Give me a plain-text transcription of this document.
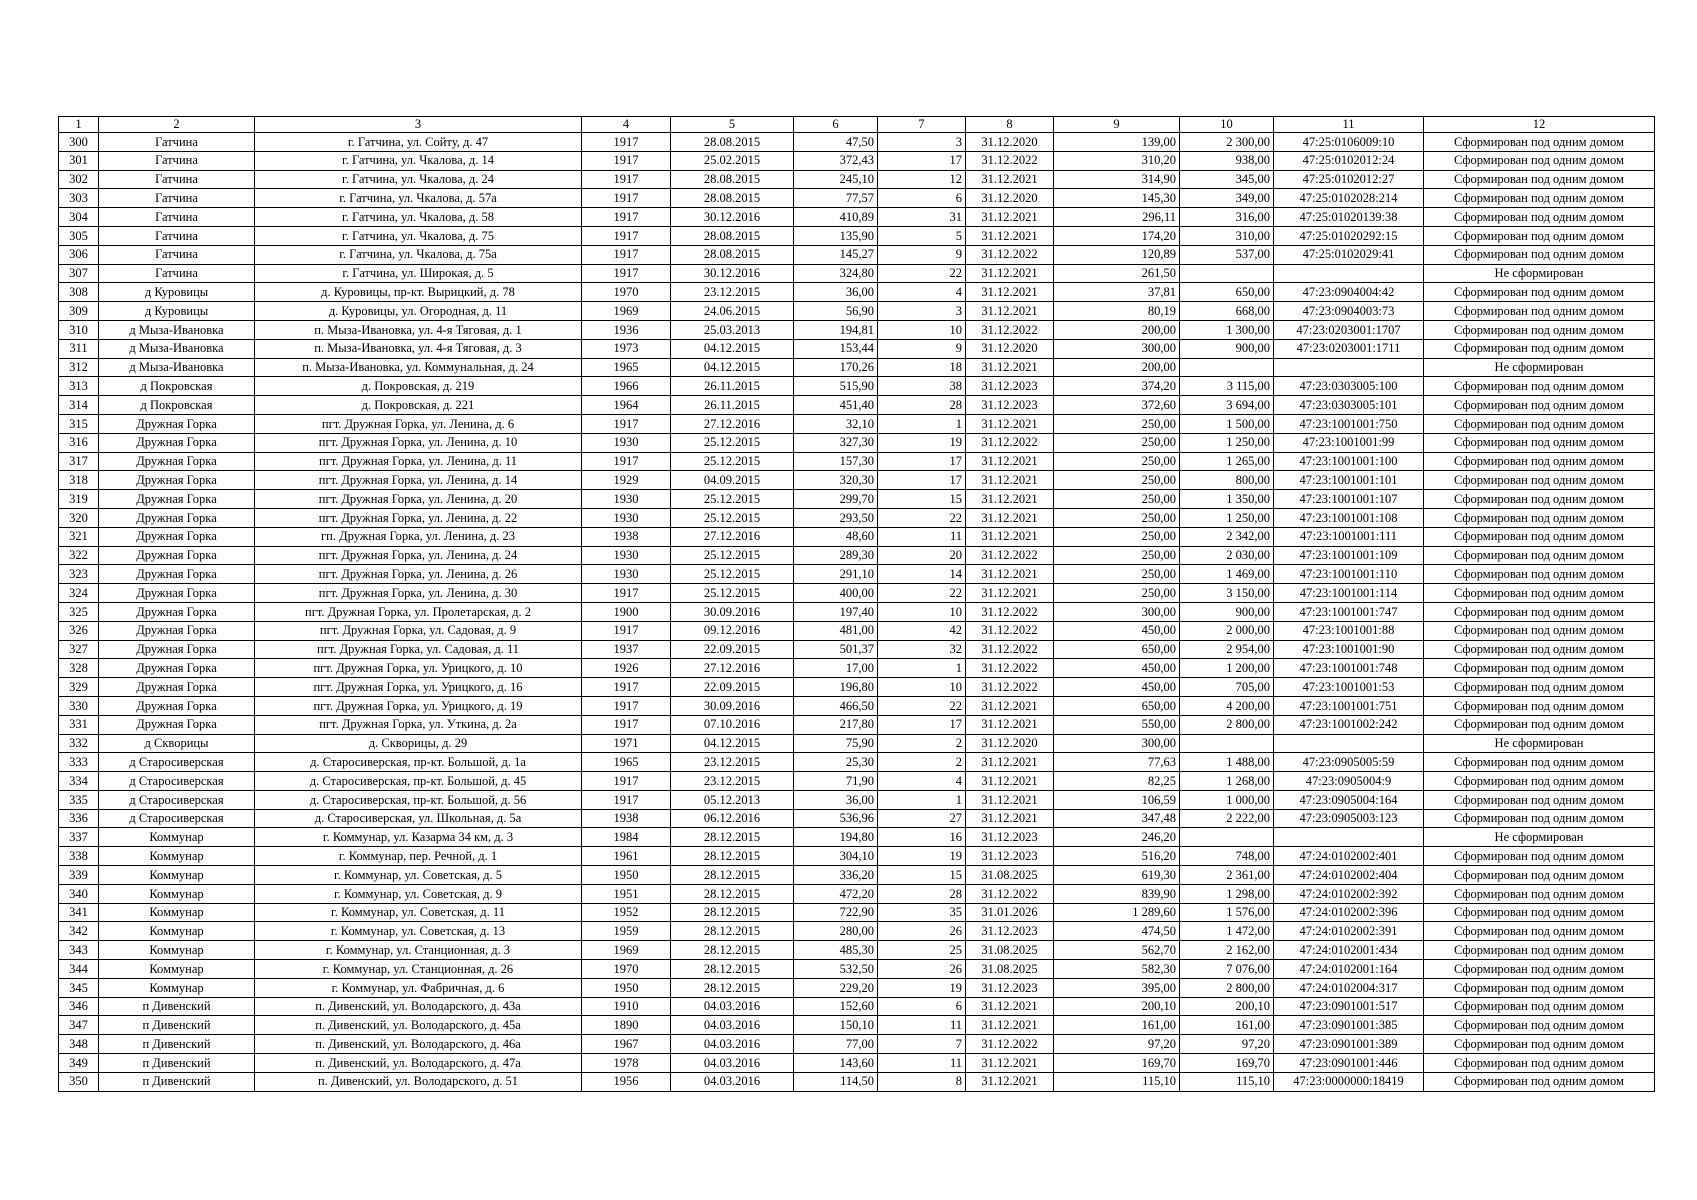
1	2	3	4	5	6	7	8	9	10	11	12
300	Гатчина	г. Гатчина, ул. Сойту, д. 47	1917	28.08.2015	47,50	3	31.12.2020	139,00	2 300,00	47:25:0106009:10	Сформирован под одним домом
301	Гатчина	г. Гатчина, ул. Чкалова, д. 14	1917	25.02.2015	372,43	17	31.12.2022	310,20	938,00	47:25:0102012:24	Сформирован под одним домом
302	Гатчина	г. Гатчина, ул. Чкалова, д. 24	1917	28.08.2015	245,10	12	31.12.2021	314,90	345,00	47:25:0102012:27	Сформирован под одним домом
303	Гатчина	г. Гатчина, ул. Чкалова, д. 57а	1917	28.08.2015	77,57	6	31.12.2020	145,30	349,00	47:25:0102028:214	Сформирован под одним домом
304	Гатчина	г. Гатчина, ул. Чкалова, д. 58	1917	30.12.2016	410,89	31	31.12.2021	296,11	316,00	47:25:01020139:38	Сформирован под одним домом
305	Гатчина	г. Гатчина, ул. Чкалова, д. 75	1917	28.08.2015	135,90	5	31.12.2021	174,20	310,00	47:25:01020292:15	Сформирован под одним домом
306	Гатчина	г. Гатчина, ул. Чкалова, д. 75а	1917	28.08.2015	145,27	9	31.12.2022	120,89	537,00	47:25:0102029:41	Сформирован под одним домом
307	Гатчина	г. Гатчина, ул. Широкая, д. 5	1917	30.12.2016	324,80	22	31.12.2021	261,50			Не сформирован
308	д Куровицы	д. Куровицы, пр-кт. Вырицкий, д. 78	1970	23.12.2015	36,00	4	31.12.2021	37,81	650,00	47:23:0904004:42	Сформирован под одним домом
309	д Куровицы	д. Куровицы, ул. Огородная, д. 11	1969	24.06.2015	56,90	3	31.12.2021	80,19	668,00	47:23:0904003:73	Сформирован под одним домом
310	д Мыза-Ивановка	п. Мыза-Ивановка, ул. 4-я Тяговая, д. 1	1936	25.03.2013	194,81	10	31.12.2022	200,00	1 300,00	47:23:0203001:1707	Сформирован под одним домом
311	д Мыза-Ивановка	п. Мыза-Ивановка, ул. 4-я Тяговая, д. 3	1973	04.12.2015	153,44	9	31.12.2020	300,00	900,00	47:23:0203001:1711	Сформирован под одним домом
312	д Мыза-Ивановка	п. Мыза-Ивановка, ул. Коммунальная, д. 24	1965	04.12.2015	170,26	18	31.12.2021	200,00			Не сформирован
313	д Покровская	д. Покровская, д. 219	1966	26.11.2015	515,90	38	31.12.2023	374,20	3 115,00	47:23:0303005:100	Сформирован под одним домом
314	д Покровская	д. Покровская, д. 221	1964	26.11.2015	451,40	28	31.12.2023	372,60	3 694,00	47:23:0303005:101	Сформирован под одним домом
315	Дружная Горка	пгт. Дружная Горка, ул. Ленина, д. 6	1917	27.12.2016	32,10	1	31.12.2021	250,00	1 500,00	47:23:1001001:750	Сформирован под одним домом
316	Дружная Горка	пгт. Дружная Горка, ул. Ленина, д. 10	1930	25.12.2015	327,30	19	31.12.2022	250,00	1 250,00	47:23:1001001:99	Сформирован под одним домом
317	Дружная Горка	пгт. Дружная Горка, ул. Ленина, д. 11	1917	25.12.2015	157,30	17	31.12.2021	250,00	1 265,00	47:23:1001001:100	Сформирован под одним домом
318	Дружная Горка	пгт. Дружная Горка, ул. Ленина, д. 14	1929	04.09.2015	320,30	17	31.12.2021	250,00	800,00	47:23:1001001:101	Сформирован под одним домом
319	Дружная Горка	пгт. Дружная Горка, ул. Ленина, д. 20	1930	25.12.2015	299,70	15	31.12.2021	250,00	1 350,00	47:23:1001001:107	Сформирован под одним домом
320	Дружная Горка	пгт. Дружная Горка, ул. Ленина, д. 22	1930	25.12.2015	293,50	22	31.12.2021	250,00	1 250,00	47:23:1001001:108	Сформирован под одним домом
321	Дружная Горка	гп. Дружная Горка, ул. Ленина, д. 23	1938	27.12.2016	48,60	11	31.12.2021	250,00	2 342,00	47:23:1001001:111	Сформирован под одним домом
322	Дружная Горка	пгт. Дружная Горка, ул. Ленина, д. 24	1930	25.12.2015	289,30	20	31.12.2022	250,00	2 030,00	47:23:1001001:109	Сформирован под одним домом
323	Дружная Горка	пгт. Дружная Горка, ул. Ленина, д. 26	1930	25.12.2015	291,10	14	31.12.2021	250,00	1 469,00	47:23:1001001:110	Сформирован под одним домом
324	Дружная Горка	пгт. Дружная Горка, ул. Ленина, д. 30	1917	25.12.2015	400,00	22	31.12.2021	250,00	3 150,00	47:23:1001001:114	Сформирован под одним домом
325	Дружная Горка	пгт. Дружная Горка, ул. Пролетарская, д. 2	1900	30.09.2016	197,40	10	31.12.2022	300,00	900,00	47:23:1001001:747	Сформирован под одним домом
326	Дружная Горка	пгт. Дружная Горка, ул. Садовая, д. 9	1917	09.12.2016	481,00	42	31.12.2022	450,00	2 000,00	47:23:1001001:88	Сформирован под одним домом
327	Дружная Горка	пгт. Дружная Горка, ул. Садовая, д. 11	1937	22.09.2015	501,37	32	31.12.2022	650,00	2 954,00	47:23:1001001:90	Сформирован под одним домом
328	Дружная Горка	пгт. Дружная Горка, ул. Урицкого, д. 10	1926	27.12.2016	17,00	1	31.12.2022	450,00	1 200,00	47:23:1001001:748	Сформирован под одним домом
329	Дружная Горка	пгт. Дружная Горка, ул. Урицкого, д. 16	1917	22.09.2015	196,80	10	31.12.2022	450,00	705,00	47:23:1001001:53	Сформирован под одним домом
330	Дружная Горка	пгт. Дружная Горка, ул. Урицкого, д. 19	1917	30.09.2016	466,50	22	31.12.2021	650,00	4 200,00	47:23:1001001:751	Сформирован под одним домом
331	Дружная Горка	пгт. Дружная Горка, ул. Уткина, д. 2а	1917	07.10.2016	217,80	17	31.12.2021	550,00	2 800,00	47:23:1001002:242	Сформирован под одним домом
332	д Скворицы	д. Скворицы, д. 29	1971	04.12.2015	75,90	2	31.12.2020	300,00			Не сформирован
333	д Старосиверская	д. Старосиверская, пр-кт. Большой, д. 1а	1965	23.12.2015	25,30	2	31.12.2021	77,63	1 488,00	47:23:0905005:59	Сформирован под одним домом
334	д Старосиверская	д. Старосиверская, пр-кт. Большой, д. 45	1917	23.12.2015	71,90	4	31.12.2021	82,25	1 268,00	47:23:0905004:9	Сформирован под одним домом
335	д Старосиверская	д. Старосиверская, пр-кт. Большой, д. 56	1917	05.12.2013	36,00	1	31.12.2021	106,59	1 000,00	47:23:0905004:164	Сформирован под одним домом
336	д Старосиверская	д. Старосиверская, ул. Школьная, д. 5а	1938	06.12.2016	536,96	27	31.12.2021	347,48	2 222,00	47:23:0905003:123	Сформирован под одним домом
337	Коммунар	г. Коммунар, ул. Казарма 34 км, д. 3	1984	28.12.2015	194,80	16	31.12.2023	246,20			Не сформирован
338	Коммунар	г. Коммунар, пер. Речной, д. 1	1961	28.12.2015	304,10	19	31.12.2023	516,20	748,00	47:24:0102002:401	Сформирован под одним домом
339	Коммунар	г. Коммунар, ул. Советская, д. 5	1950	28.12.2015	336,20	15	31.08.2025	619,30	2 361,00	47:24:0102002:404	Сформирован под одним домом
340	Коммунар	г. Коммунар, ул. Советская, д. 9	1951	28.12.2015	472,20	28	31.12.2022	839,90	1 298,00	47:24:0102002:392	Сформирован под одним домом
341	Коммунар	г. Коммунар, ул. Советская, д. 11	1952	28.12.2015	722,90	35	31.01.2026	1 289,60	1 576,00	47:24:0102002:396	Сформирован под одним домом
342	Коммунар	г. Коммунар, ул. Советская, д. 13	1959	28.12.2015	280,00	26	31.12.2023	474,50	1 472,00	47:24:0102002:391	Сформирован под одним домом
343	Коммунар	г. Коммунар, ул. Станционная, д. 3	1969	28.12.2015	485,30	25	31.08.2025	562,70	2 162,00	47:24:0102001:434	Сформирован под одним домом
344	Коммунар	г. Коммунар, ул. Станционная, д. 26	1970	28.12.2015	532,50	26	31.08.2025	582,30	7 076,00	47:24:0102001:164	Сформирован под одним домом
345	Коммунар	г. Коммунар, ул. Фабричная, д. 6	1950	28.12.2015	229,20	19	31.12.2023	395,00	2 800,00	47:24:0102004:317	Сформирован под одним домом
346	п Дивенский	п. Дивенский, ул. Володарского, д. 43а	1910	04.03.2016	152,60	6	31.12.2021	200,10	200,10	47:23:0901001:517	Сформирован под одним домом
347	п Дивенский	п. Дивенский, ул. Володарского, д. 45а	1890	04.03.2016	150,10	11	31.12.2021	161,00	161,00	47:23:0901001:385	Сформирован под одним домом
348	п Дивенский	п. Дивенский, ул. Володарского, д. 46а	1967	04.03.2016	77,00	7	31.12.2022	97,20	97,20	47:23:0901001:389	Сформирован под одним домом
349	п Дивенский	п. Дивенский, ул. Володарского, д. 47а	1978	04.03.2016	143,60	11	31.12.2021	169,70	169,70	47:23:0901001:446	Сформирован под одним домом
350	п Дивенский	п. Дивенский, ул. Володарского, д. 51	1956	04.03.2016	114,50	8	31.12.2021	115,10	115,10	47:23:0000000:18419	Сформирован под одним домом
